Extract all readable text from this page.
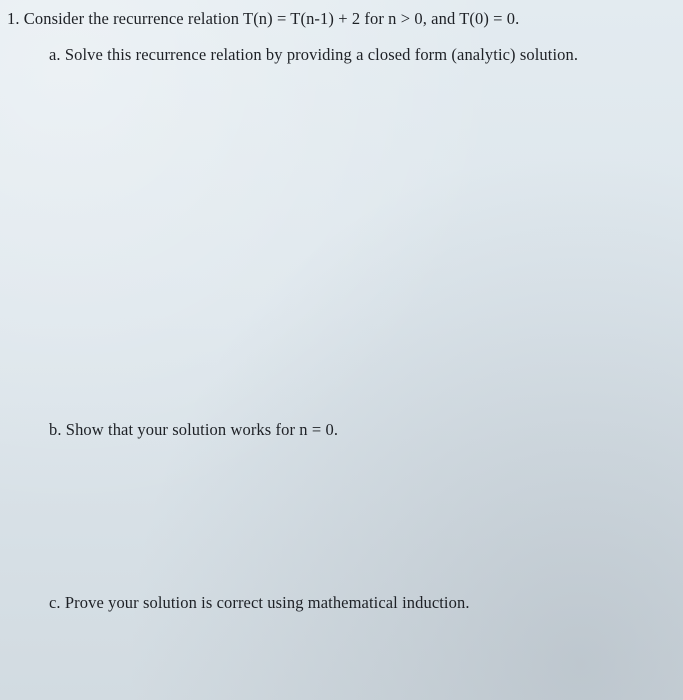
1. Consider the recurrence relation T(n) = T(n-1) + 2 for n > 0, and T(0) = 0.
a. Solve this recurrence relation by providing a closed form (analytic) solution.
b. Show that your solution works for n = 0.
c. Prove your solution is correct using mathematical induction.
